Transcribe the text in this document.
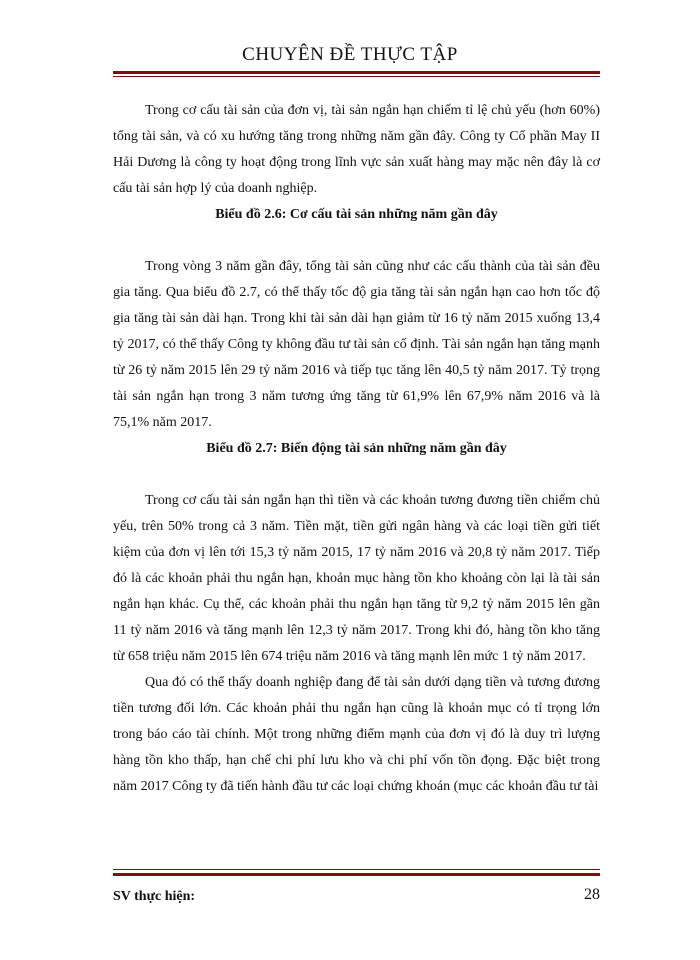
CHUYÊN ĐỀ THỰC TẬP

Trong cơ cấu tài sản của đơn vị, tài sản ngắn hạn chiếm tỉ lệ chủ yếu (hơn 60%) tổng tài sản, và có xu hướng tăng trong những năm gần đây. Công ty Cổ phần May II Hải Dương là công ty hoạt động trong lĩnh vực sản xuất hàng may mặc nên đây là cơ cấu tài sản hợp lý của doanh nghiệp.

Biểu đồ 2.6: Cơ cấu tài sản những năm gần đây

Trong vòng 3 năm gần đây, tổng tài sản cũng như các cấu thành của tài sản đều gia tăng. Qua biểu đồ 2.7, có thể thấy tốc độ gia tăng tài sản ngắn hạn cao hơn tốc độ gia tăng tài sản dài hạn. Trong khi tài sản dài hạn giảm từ 16 tỷ năm 2015 xuống 13,4 tỷ 2017, có thể thấy Công ty không đầu tư tài sản cố định. Tài sản ngắn hạn tăng mạnh từ 26 tỷ năm 2015 lên 29 tỷ năm 2016 và tiếp tục tăng lên 40,5 tỷ năm 2017. Tỷ trọng tài sản ngắn hạn trong 3 năm tương ứng tăng từ 61,9% lên 67,9% năm 2016 và là 75,1% năm 2017.

Biểu đồ 2.7: Biến động tài sản những năm gần đây

Trong cơ cấu tài sản ngắn hạn thì tiền và các khoản tương đương tiền chiếm chủ yếu, trên 50% trong cả 3 năm. Tiền mặt, tiền gửi ngân hàng và các loại tiền gửi tiết kiệm của đơn vị lên tới 15,3 tỷ năm 2015, 17 tỷ năm 2016 và 20,8 tỷ năm 2017. Tiếp đó là các khoản phải thu ngắn hạn, khoản mục hàng tồn kho khoảng còn lại là tài sản ngắn hạn khác. Cụ thể, các khoản phải thu ngắn hạn tăng từ 9,2 tỷ năm 2015 lên gần 11 tỷ năm 2016 và tăng mạnh lên 12,3 tỷ năm 2017. Trong khi đó, hàng tồn kho tăng từ 658 triệu năm 2015 lên 674 triệu năm 2016 và tăng mạnh lên mức 1 tỷ năm 2017.

Qua đó có thể thấy doanh nghiệp đang để tài sản dưới dạng tiền và tương đương tiền tương đối lớn. Các khoản phải thu ngắn hạn cũng là khoản mục có tỉ trọng lớn trong báo cáo tài chính. Một trong những điểm mạnh của đơn vị đó là duy trì lượng hàng tồn kho thấp, hạn chế chi phí lưu kho và chi phí vốn tồn đọng. Đặc biệt trong năm 2017 Công ty đã tiến hành đầu tư các loại chứng khoán (mục các khoản đầu tư tài

SV thực hiện:	28
